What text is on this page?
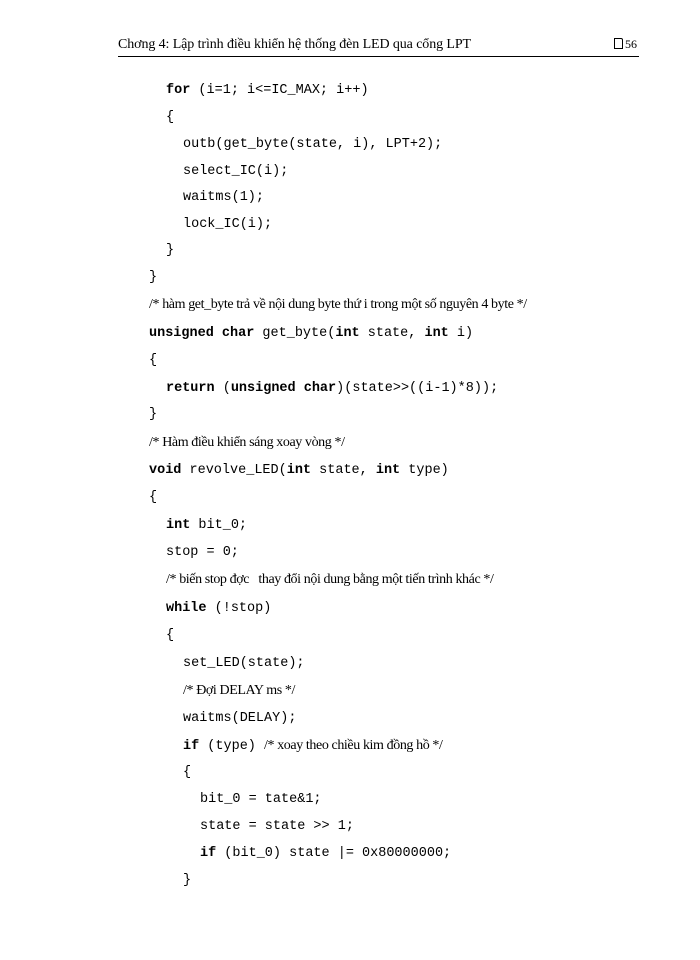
Chơng 4: Lập trình điều khiển hệ thống đèn LED qua cổng LPT	56
for (i=1; i<=IC_MAX; i++)
{
outb(get_byte(state, i), LPT+2);
select_IC(i);
waitms(1);
lock_IC(i);
}
}
/* hàm get_byte trả về nội dung byte thứ i trong một số nguyên 4 byte */
unsigned char get_byte(int state, int i)
{
return (unsigned char)(state>>((i-1)*8));
}
/* Hàm điều khiển sáng xoay vòng */
void revolve_LED(int state, int type)
{
int bit_0;
stop = 0;
/* biến stop đợc   thay đổi nội dung bằng một tiến trình khác */
while (!stop)
{
set_LED(state);
/* Đợi DELAY ms */
waitms(DELAY);
if (type) /* xoay theo chiều kim đồng hồ */
{
bit_0 = tate&1;
state = state >> 1;
if (bit_0) state |= 0x80000000;
}
